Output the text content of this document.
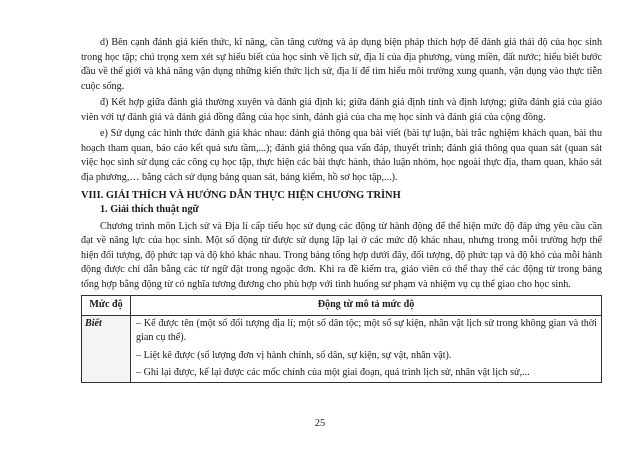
d) Bên cạnh đánh giá kiến thức, kĩ năng, cần tăng cường và áp dụng biện pháp thích hợp để đánh giá thái độ của học sinh trong học tập; chú trọng xem xét sự hiểu biết của học sinh về lịch sử, địa lí của địa phương, vùng miền, đất nước; hiểu biết bước đầu về thế giới và khả năng vận dụng những kiến thức lịch sử, địa lí để tìm hiểu môi trường xung quanh, vận dụng vào thực tiễn cuộc sống.

đ) Kết hợp giữa đánh giá thường xuyên và đánh giá định kì; giữa đánh giá định tính và định lượng; giữa đánh giá của giáo viên với tự đánh giá và đánh giá đồng đẳng của học sinh, đánh giá của cha mẹ học sinh và đánh giá của cộng đồng.

e) Sử dụng các hình thức đánh giá khác nhau: đánh giá thông qua bài viết (bài tự luận, bài trắc nghiệm khách quan, bài thu hoạch tham quan, báo cáo kết quả sưu tầm,...); đánh giá thông qua vấn đáp, thuyết trình; đánh giá thông qua quan sát (quan sát việc học sinh sử dụng các công cụ học tập, thực hiện các bài thực hành, thảo luận nhóm, học ngoài thực địa, tham quan, khảo sát địa phương,… bằng cách sử dụng bảng quan sát, bảng kiểm, hồ sơ học tập,...).

VIII. GIẢI THÍCH VÀ HƯỚNG DẪN THỰC HIỆN CHƯƠNG TRÌNH
1. Giải thích thuật ngữ

Chương trình môn Lịch sử và Địa lí cấp tiểu học sử dụng các động từ hành động để thể hiện mức độ đáp ứng yêu cầu cần đạt về năng lực của học sinh. Một số động từ được sử dụng lặp lại ở các mức độ khác nhau, nhưng trong mỗi trường hợp thể hiện đối tượng, độ phức tạp và độ khó khác nhau. Trong bảng tổng hợp dưới đây, đối tượng, độ phức tạp và độ khó của mỗi hành động được chỉ dẫn bằng các từ ngữ đặt trong ngoặc đơn. Khi ra đề kiểm tra, giáo viên có thể thay thế các động từ trong bảng tổng hợp bằng động từ có nghĩa tương đương cho phù hợp với tình huống sư phạm và nhiệm vụ cụ thể giao cho học sinh.

Mức độ	Động từ mô tả mức độ
Biết	– Kể được tên (một số đối tượng địa lí; một số dân tộc; một số sự kiện, nhân vật lịch sử trong không gian và thời gian cụ thể).
– Liệt kê được (số lượng đơn vị hành chính, số dân, sự kiện, sự vật, nhân vật).
– Ghi lại được, kể lại được các mốc chính của một giai đoạn, quá trình lịch sử, nhân vật lịch sử,...
25
